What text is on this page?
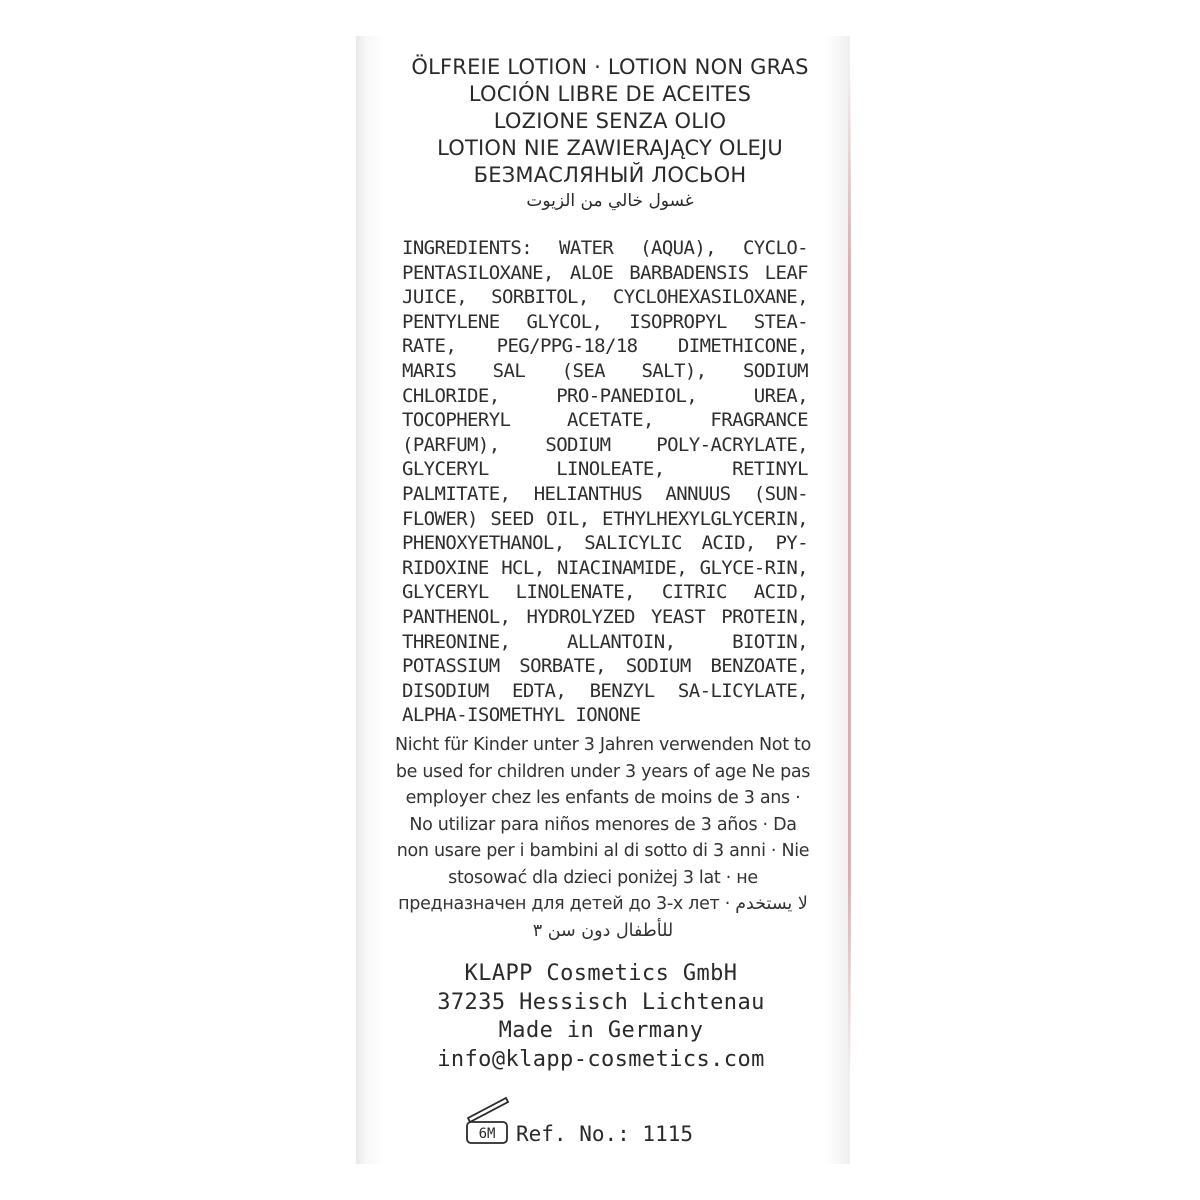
ÖLFREIE LOTION · LOTION NON GRAS
LOCIÓN LIBRE DE ACEITES
LOZIONE SENZA OLIO
LOTION NIE ZAWIERAJĄCY OLEJU
БЕЗМАСЛЯНЫЙ ЛОСЬОН
غسول خالي من الزيوت
INGREDIENTS: WATER (AQUA), CYCLO-PENTASILOXANE, ALOE BARBADENSIS LEAF JUICE, SORBITOL, CYCLOHEXASILOXANE, PENTYLENE GLYCOL, ISOPROPYL STEA-RATE, PEG/PPG-18/18 DIMETHICONE, MARIS SAL (SEA SALT), SODIUM CHLORIDE, PRO-PANEDIOL, UREA, TOCOPHERYL ACETATE, FRAGRANCE (PARFUM), SODIUM POLY-ACRYLATE, GLYCERYL LINOLEATE, RETINYL PALMITATE, HELIANTHUS ANNUUS (SUN-FLOWER) SEED OIL, ETHYLHEXYLGLYCERIN, PHENOXYETHANOL, SALICYLIC ACID, PY-RIDOXINE HCL, NIACINAMIDE, GLYCE-RIN, GLYCERYL LINOLENATE, CITRIC ACID, PANTHENOL, HYDROLYZED YEAST PROTEIN, THREONINE, ALLANTOIN, BIOTIN, POTASSIUM SORBATE, SODIUM BENZOATE, DISODIUM EDTA, BENZYL SA-LICYLATE, ALPHA-ISOMETHYL IONONE
Nicht für Kinder unter 3 Jahren verwenden Not to be used for children under 3 years of age Ne pas employer chez les enfants de moins de 3 ans · No utilizar para niños menores de 3 años · Da non usare per i bambini al di sotto di 3 anni · Nie stosować dla dzieci poniżej 3 lat · не предназначен для детей до 3-х лет · لا يستخدم للأطفال دون سن ٣
KLAPP Cosmetics GmbH
37235 Hessisch Lichtenau
Made in Germany
info@klapp-cosmetics.com
6M Ref. No.: 1115
